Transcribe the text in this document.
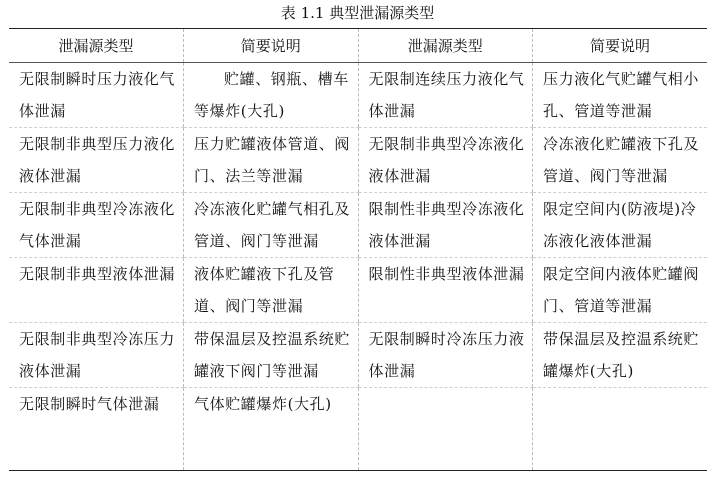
表 1.1 典型泄漏源类型
泄漏源类型	简要说明	泄漏源类型	简要说明
无限制瞬时压力液化气体泄漏	贮罐、钢瓶、槽车等爆炸(大孔)	无限制连续压力液化气体泄漏	压力液化气贮罐气相小孔、管道等泄漏
无限制非典型压力液化液体泄漏	压力贮罐液体管道、阀门、法兰等泄漏	无限制非典型冷冻液化液体泄漏	冷冻液化贮罐液下孔及管道、阀门等泄漏
无限制非典型冷冻液化气体泄漏	冷冻液化贮罐气相孔及管道、阀门等泄漏	限制性非典型冷冻液化液体泄漏	限定空间内(防液堤)冷冻液化液体泄漏
无限制非典型液体泄漏	液体贮罐液下孔及管道、阀门等泄漏	限制性非典型液体泄漏	限定空间内液体贮罐阀门、管道等泄漏
无限制非典型冷冻压力液体泄漏	带保温层及控温系统贮罐液下阀门等泄漏	无限制瞬时冷冻压力液体泄漏	带保温层及控温系统贮罐爆炸(大孔)
无限制瞬时气体泄漏	气体贮罐爆炸(大孔)		
